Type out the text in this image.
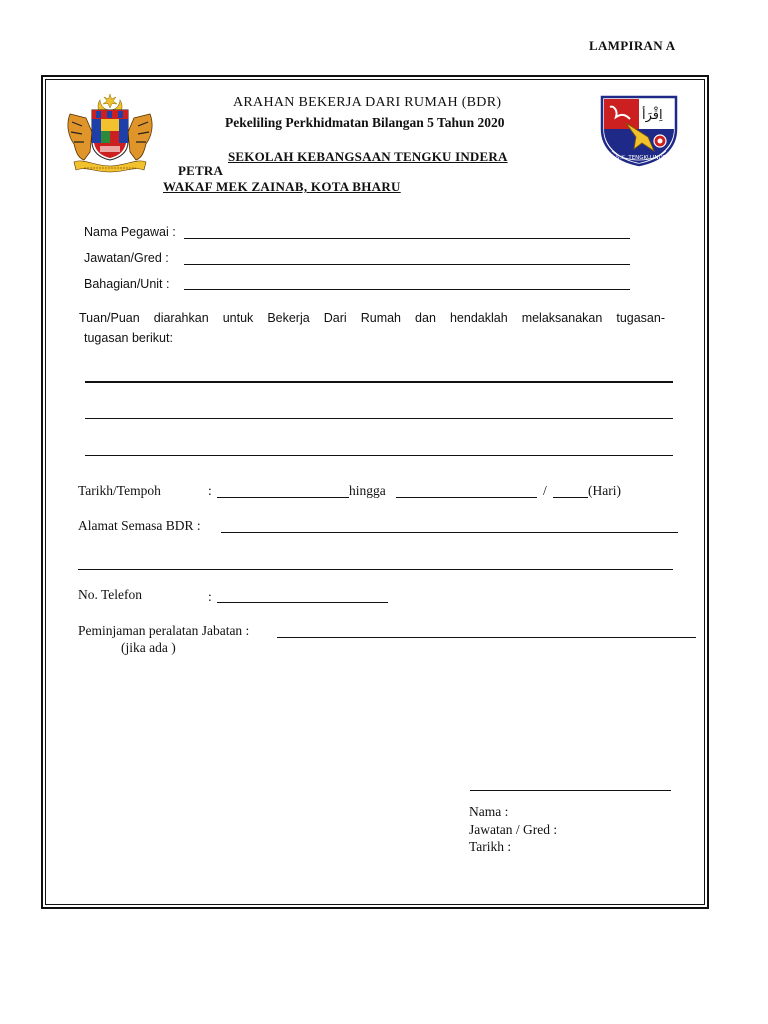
LAMPIRAN A
اِقْرَأ
S.K. TENGKU INDERA PETRA
ARAHAN BEKERJA DARI RUMAH (BDR)
Pekeliling Perkhidmatan Bilangan 5 Tahun 2020
SEKOLAH KEBANGSAAN TENGKU INDERA
PETRA
WAKAF MEK ZAINAB, KOTA BHARU
Nama Pegawai :
Jawatan/Gred :
Bahagian/Unit :
Tuan/Puan diarahkan untuk Bekerja Dari Rumah dan hendaklah melaksanakan tugasan-
tugasan berikut:
Tarikh/Tempoh	:	hingga	/	(Hari)
Alamat Semasa BDR :
No. Telefon	:
Peminjaman peralatan Jabatan :
(jika ada )
Nama :
Jawatan / Gred :
Tarikh :
